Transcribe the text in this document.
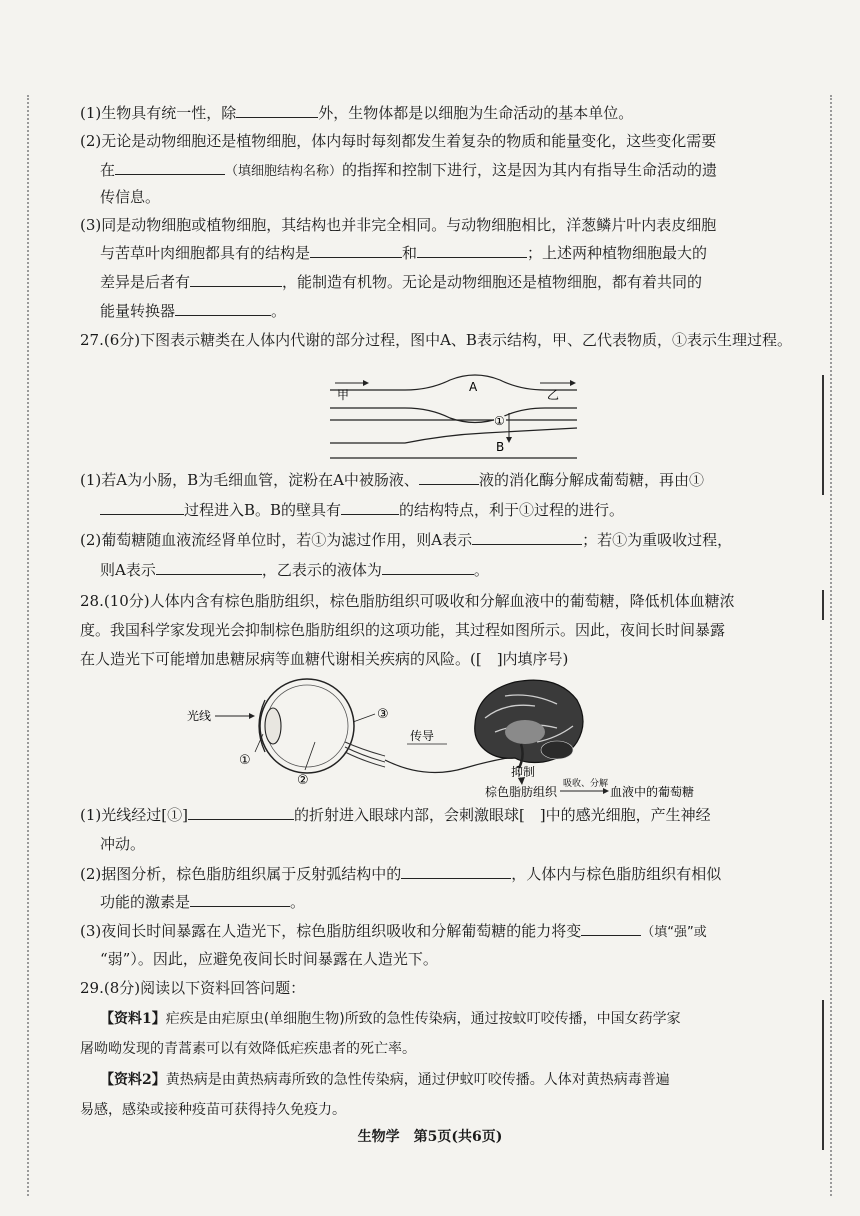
(1)生物具有统一性，除	外，生物体都是以细胞为生命活动的基本单位。
(2)无论是动物细胞还是植物细胞，体内每时每刻都发生着复杂的物质和能量变化，这些变化需要
在	（填细胞结构名称）的指挥和控制下进行，这是因为其内有指导生命活动的遗
传信息。
(3)同是动物细胞或植物细胞，其结构也并非完全相同。与动物细胞相比，洋葱鳞片叶内表皮细胞
与苦草叶肉细胞都具有的结构是	和	；上述两种植物细胞最大的
差异是后者有	，能制造有机物。无论是动物细胞还是植物细胞，都有着共同的
能量转换器	。
27.(6分)下图表示糖类在人体内代谢的部分过程，图中A、B表示结构，甲、乙代表物质，①表示生理过程。
甲	乙
A
B
①
(1)若A为小肠，B为毛细血管，淀粉在A中被肠液、	液的消化酶分解成葡萄糖，再由①
过程进入B。B的壁具有	的结构特点，利于①过程的进行。
(2)葡萄糖随血液流经肾单位时，若①为滤过作用，则A表示	；若①为重吸收过程，
则A表示	，乙表示的液体为	。
28.(10分)人体内含有棕色脂肪组织，棕色脂肪组织可吸收和分解血液中的葡萄糖，降低机体血糖浓
度。我国科学家发现光会抑制棕色脂肪组织的这项功能，其过程如图所示。因此，夜间长时间暴露
在人造光下可能增加患糖尿病等血糖代谢相关疾病的风险。([　]内填序号)
光线
①
②
③
传导
抑制
棕色脂肪组织
吸收、分解
血液中的葡萄糖
(1)光线经过[①]	的折射进入眼球内部，会刺激眼球[　]中的感光细胞，产生神经
冲动。
(2)据图分析，棕色脂肪组织属于反射弧结构中的	，人体内与棕色脂肪组织有相似
功能的激素是	。
(3)夜间长时间暴露在人造光下，棕色脂肪组织吸收和分解葡萄糖的能力将变	（填“强”或
“弱”）。因此，应避免夜间长时间暴露在人造光下。
29.(8分)阅读以下资料回答问题：
【资料1】疟疾是由疟原虫(单细胞生物)所致的急性传染病，通过按蚊叮咬传播，中国女药学家
屠呦呦发现的青蒿素可以有效降低疟疾患者的死亡率。
【资料2】黄热病是由黄热病毒所致的急性传染病，通过伊蚊叮咬传播。人体对黄热病毒普遍
易感，感染或接种疫苗可获得持久免疫力。
生物学　第5页(共6页)
